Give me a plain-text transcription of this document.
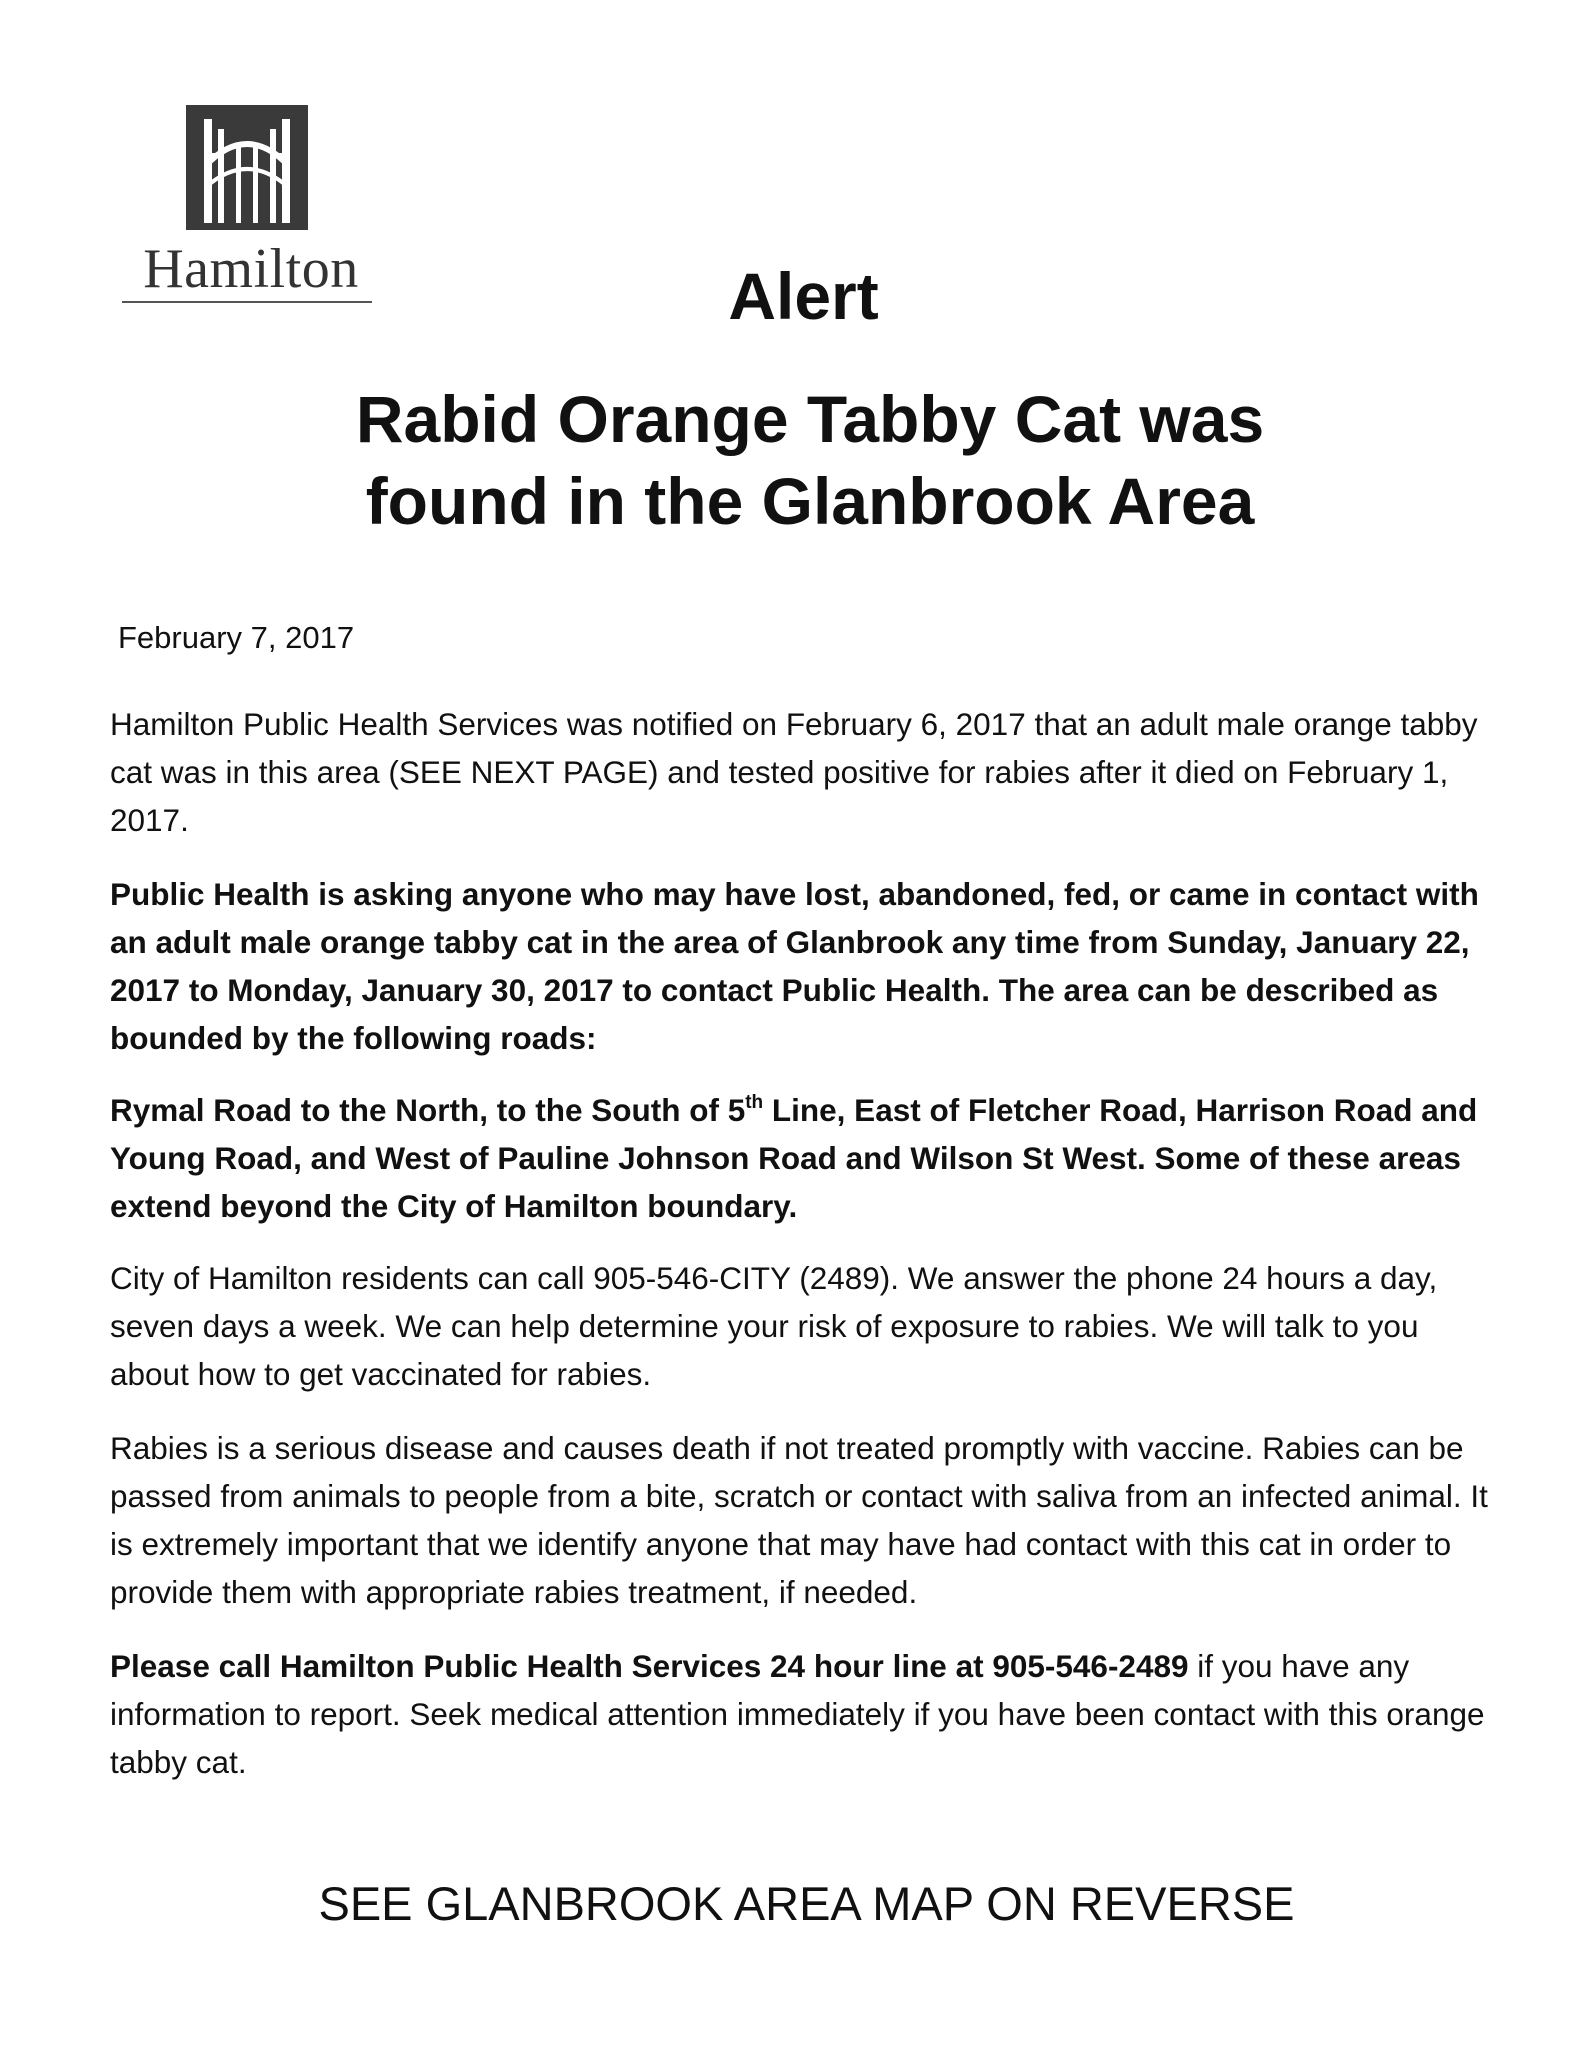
Hamilton	Alert
Rabid Orange Tabby Cat was
found in the Glanbrook Area
February 7, 2017

Hamilton Public Health Services was notified on February 6, 2017 that an adult male orange tabby cat was in this area (SEE NEXT PAGE) and tested positive for rabies after it died on February 1, 2017.

Public Health is asking anyone who may have lost, abandoned, fed, or came in contact with an adult male orange tabby cat in the area of Glanbrook any time from Sunday, January 22, 2017 to Monday, January 30, 2017 to contact Public Health. The area can be described as bounded by the following roads:

Rymal Road to the North, to the South of 5th Line, East of Fletcher Road, Harrison Road and Young Road, and West of Pauline Johnson Road and Wilson St West. Some of these areas extend beyond the City of Hamilton boundary.

City of Hamilton residents can call 905-546-CITY (2489). We answer the phone 24 hours a day, seven days a week. We can help determine your risk of exposure to rabies. We will talk to you about how to get vaccinated for rabies.

Rabies is a serious disease and causes death if not treated promptly with vaccine. Rabies can be passed from animals to people from a bite, scratch or contact with saliva from an infected animal. It is extremely important that we identify anyone that may have had contact with this cat in order to provide them with appropriate rabies treatment, if needed.

Please call Hamilton Public Health Services 24 hour line at 905-546-2489 if you have any information to report. Seek medical attention immediately if you have been contact with this orange tabby cat.

SEE GLANBROOK AREA MAP ON REVERSE
